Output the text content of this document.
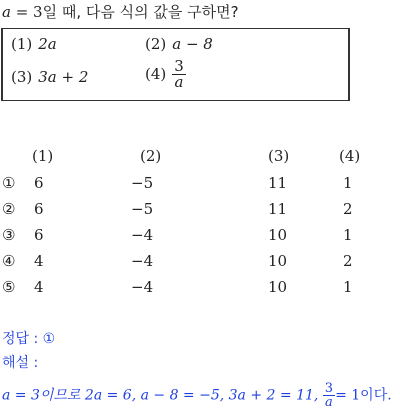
a = 3일 때, 다음 식의 값을 구하면?
(1) 2a	(2) a − 8
(3) 3a + 2	$(4) \frac{3}{a}$
(1)	(2)	(3)	(4)
① 6	−5	11	1
② 6	−5	11	2
③ 6	−4	10	1
④ 4	−4	10	2
⑤ 4	−4	10	1
정답 : ①
해설 :
a = 3이므로 2a = 6, a − 8 = −5, 3a + 2 = 11, $\frac{3}{a} = 1$이다.
